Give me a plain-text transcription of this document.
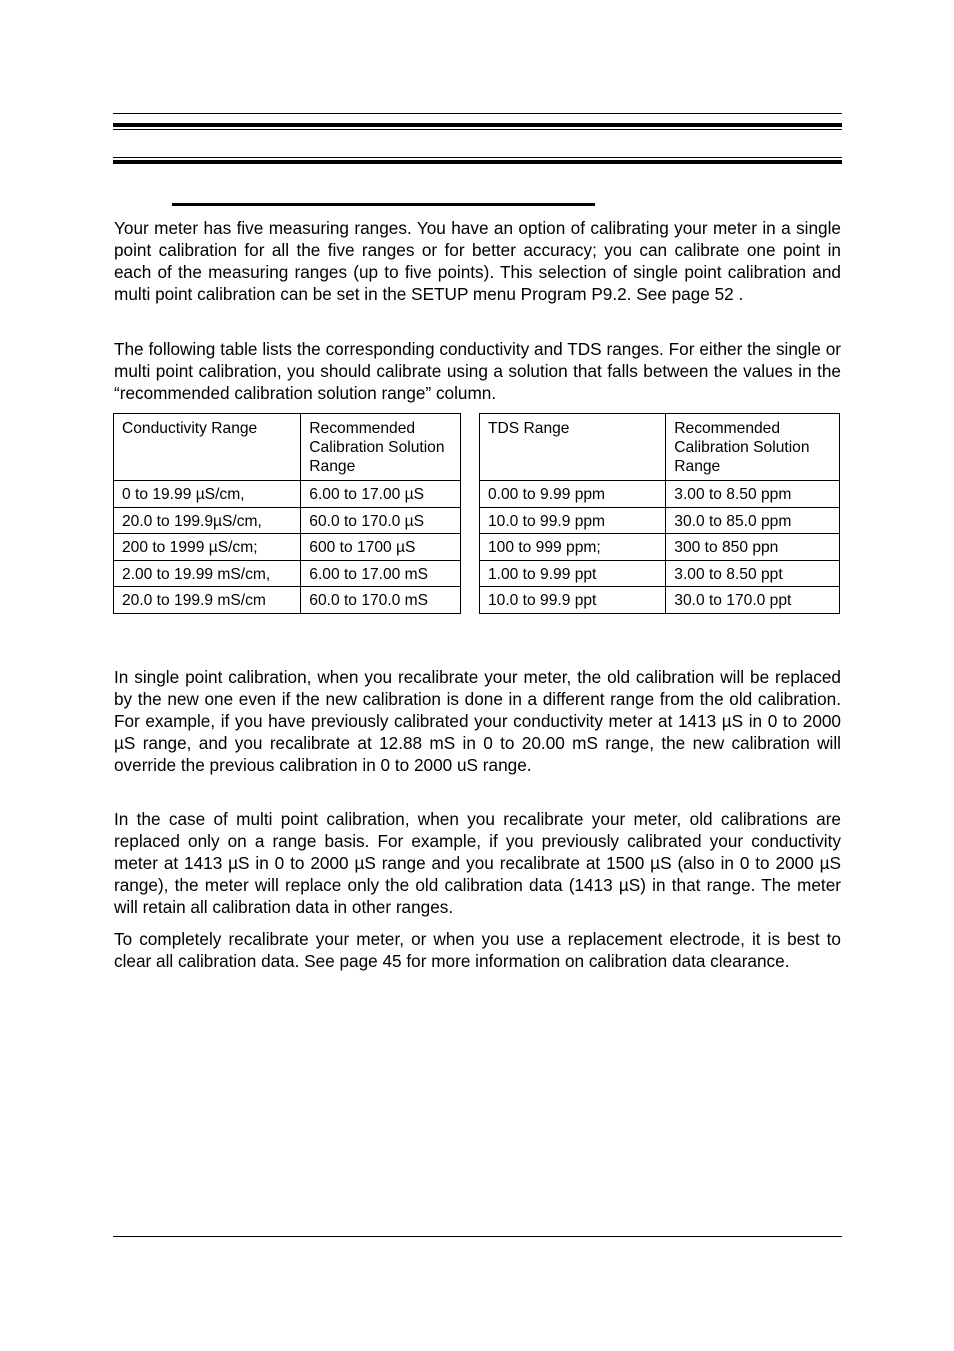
Your meter has five measuring ranges. You have an option of calibrating your meter in a single point calibration for all the five ranges or for better accuracy; you can calibrate one point in each of the measuring ranges (up to five points). This selection of single point calibration and multi point calibration can be set in the SETUP menu Program P9.2. See page 52 .

The following table lists the corresponding conductivity and TDS ranges. For either the single or multi point calibration, you should calibrate using a solution that falls between the values in the “recommended calibration solution range” column.

Conductivity Range	Recommended Calibration Solution Range
0 to 19.99 µS/cm,	6.00 to 17.00 µS
20.0 to 199.9µS/cm,	60.0 to 170.0 µS
200 to 1999 µS/cm;	600 to 1700 µS
2.00 to 19.99 mS/cm,	6.00 to 17.00 mS
20.0 to 199.9 mS/cm	60.0 to 170.0 mS
TDS Range	Recommended Calibration Solution Range
0.00 to 9.99 ppm	3.00 to 8.50 ppm
10.0 to 99.9 ppm	30.0 to 85.0 ppm
100 to 999 ppm;	300 to 850 ppn
1.00 to 9.99 ppt	3.00 to 8.50 ppt
10.0 to 99.9 ppt	30.0 to 170.0 ppt

In single point calibration, when you recalibrate your meter, the old calibration will be replaced by the new one even if the new calibration is done in a different range from the old calibration. For example, if you have previously calibrated your conductivity meter at 1413 µS in 0 to 2000 µS range, and you recalibrate at 12.88 mS in 0 to 20.00 mS range, the new calibration will override the previous calibration in 0 to 2000 uS range.

In the case of multi point calibration, when you recalibrate your meter, old calibrations are replaced only on a range basis. For example, if you previously calibrated your conductivity meter at 1413 µS in 0 to 2000 µS range and you recalibrate at 1500 µS (also in 0 to 2000 µS range), the meter will replace only the old calibration data (1413 µS) in that range. The meter will retain all calibration data in other ranges.

To completely recalibrate your meter, or when you use a replacement electrode, it is best to clear all calibration data. See page 45 for more information on calibration data clearance.
